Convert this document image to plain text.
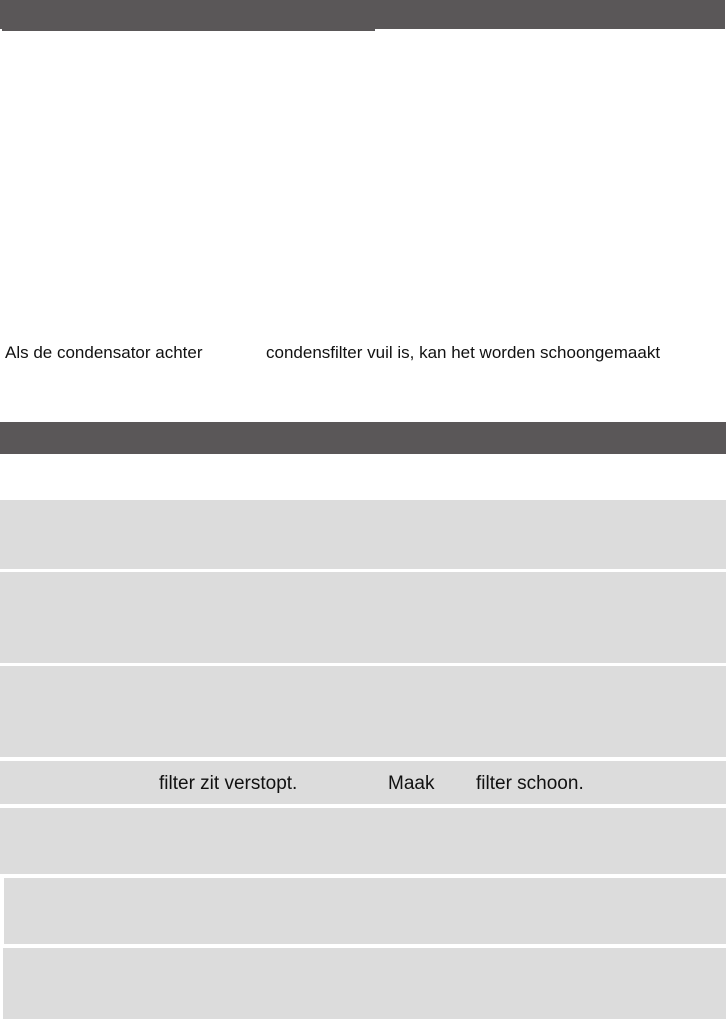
Als de condensator achter	condensfilter vuil is, kan het worden schoongemaakt
filter zit verstopt.	Maak filter schoon.
